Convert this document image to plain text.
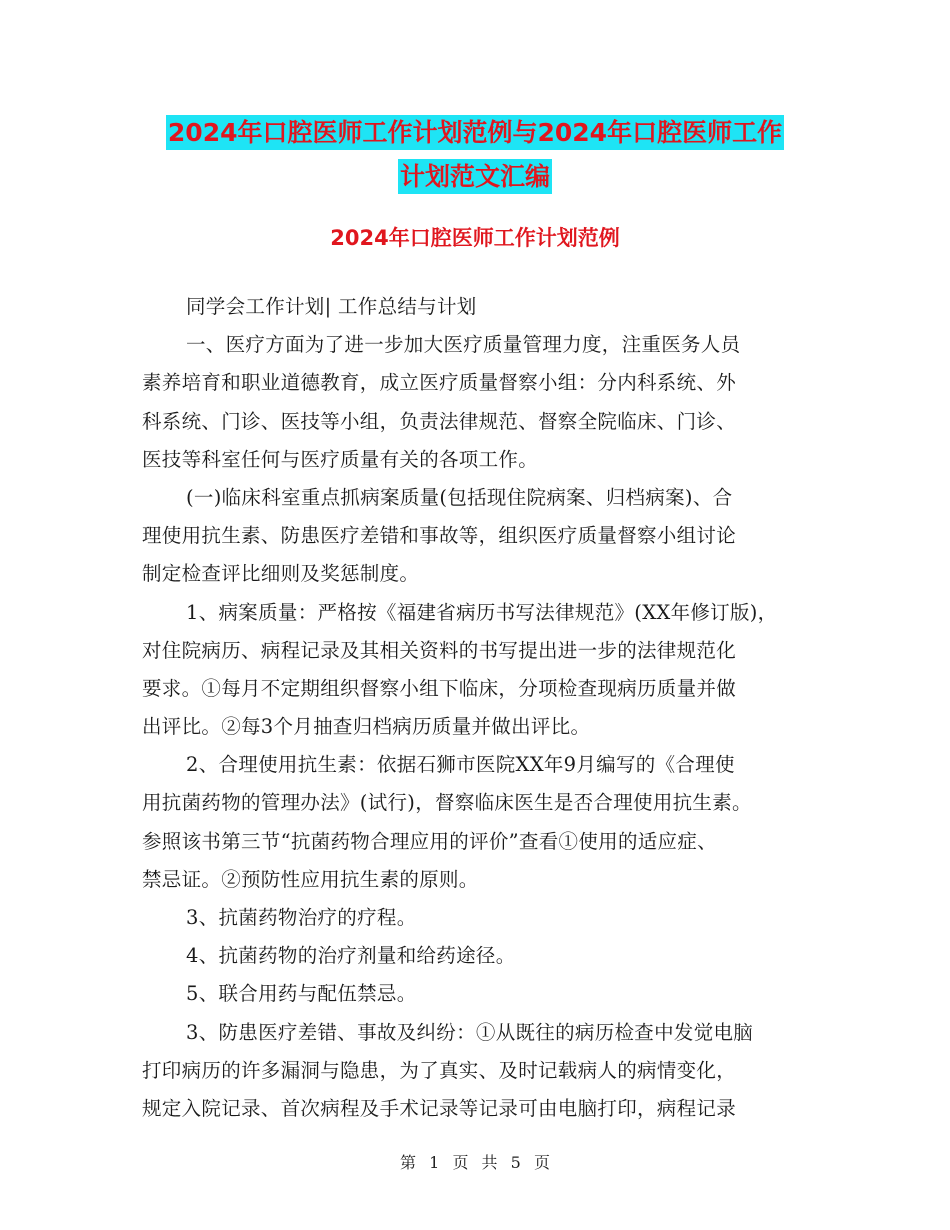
2024年口腔医师工作计划范例与2024年口腔医师工作
计划范文汇编
2024年口腔医师工作计划范例
同学会工作计划| 工作总结与计划
一、医疗方面为了进一步加大医疗质量管理力度，注重医务人员
素养培育和职业道德教育，成立医疗质量督察小组：分内科系统、外
科系统、门诊、医技等小组，负责法律规范、督察全院临床、门诊、
医技等科室任何与医疗质量有关的各项工作。
(一)临床科室重点抓病案质量(包括现住院病案、归档病案)、合
理使用抗生素、防患医疗差错和事故等，组织医疗质量督察小组讨论
制定检查评比细则及奖惩制度。
1、病案质量：严格按《福建省病历书写法律规范》(XX年修订版)，
对住院病历、病程记录及其相关资料的书写提出进一步的法律规范化
要求。①每月不定期组织督察小组下临床，分项检查现病历质量并做
出评比。②每3个月抽查归档病历质量并做出评比。
2、合理使用抗生素：依据石狮市医院XX年9月编写的《合理使
用抗菌药物的管理办法》(试行)，督察临床医生是否合理使用抗生素。
参照该书第三节“抗菌药物合理应用的评价”查看①使用的适应症、
禁忌证。②预防性应用抗生素的原则。
3、抗菌药物治疗的疗程。
4、抗菌药物的治疗剂量和给药途径。
5、联合用药与配伍禁忌。
3、防患医疗差错、事故及纠纷：①从既往的病历检查中发觉电脑
打印病历的许多漏洞与隐患，为了真实、及时记载病人的病情变化，
规定入院记录、首次病程及手术记录等记录可由电脑打印，病程记录
第 1 页 共 5 页
